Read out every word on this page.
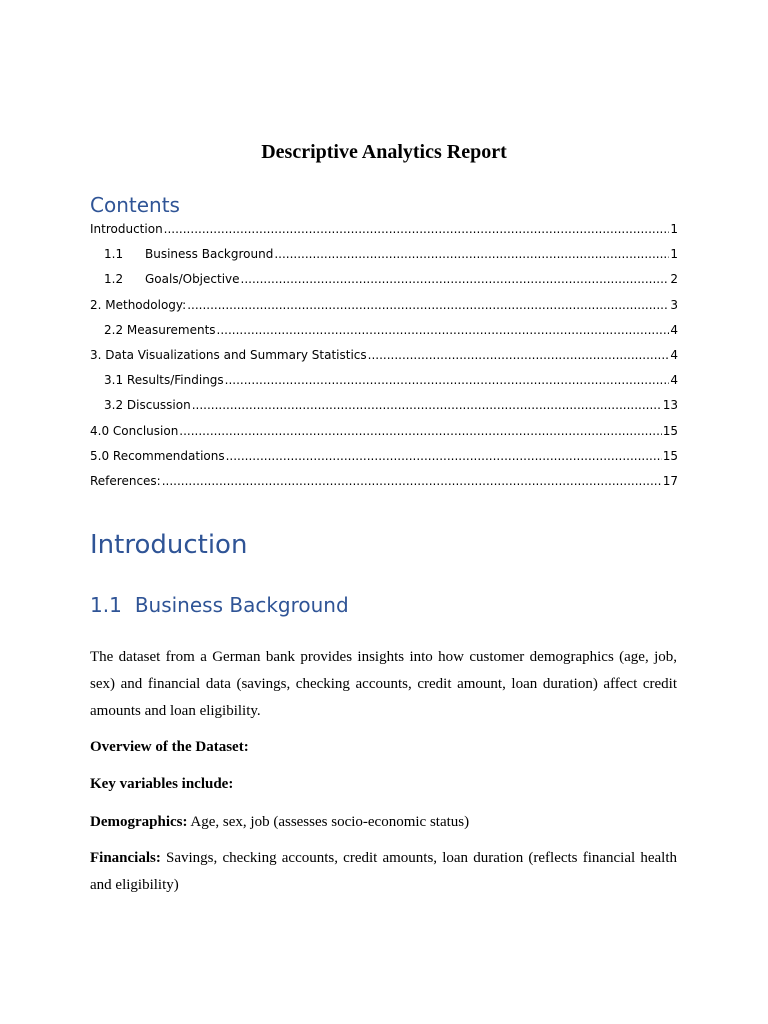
Descriptive Analytics Report
Contents
Introduction .....	1
1.1	Business Background .....	1
1.2	Goals/Objective .....	2
2. Methodology: .....	3
2.2 Measurements .....	4
3. Data Visualizations and Summary Statistics .....	4
3.1 Results/Findings .....	4
3.2 Discussion .....	13
4.0 Conclusion .....	15
5.0 Recommendations .....	15
References: .....	17
Introduction
1.1 Business Background
The dataset from a German bank provides insights into how customer demographics (age, job, sex) and financial data (savings, checking accounts, credit amount, loan duration) affect credit amounts and loan eligibility.
Overview of the Dataset:
Key variables include:
Demographics: Age, sex, job (assesses socio-economic status)
Financials: Savings, checking accounts, credit amounts, loan duration (reflects financial health and eligibility)
